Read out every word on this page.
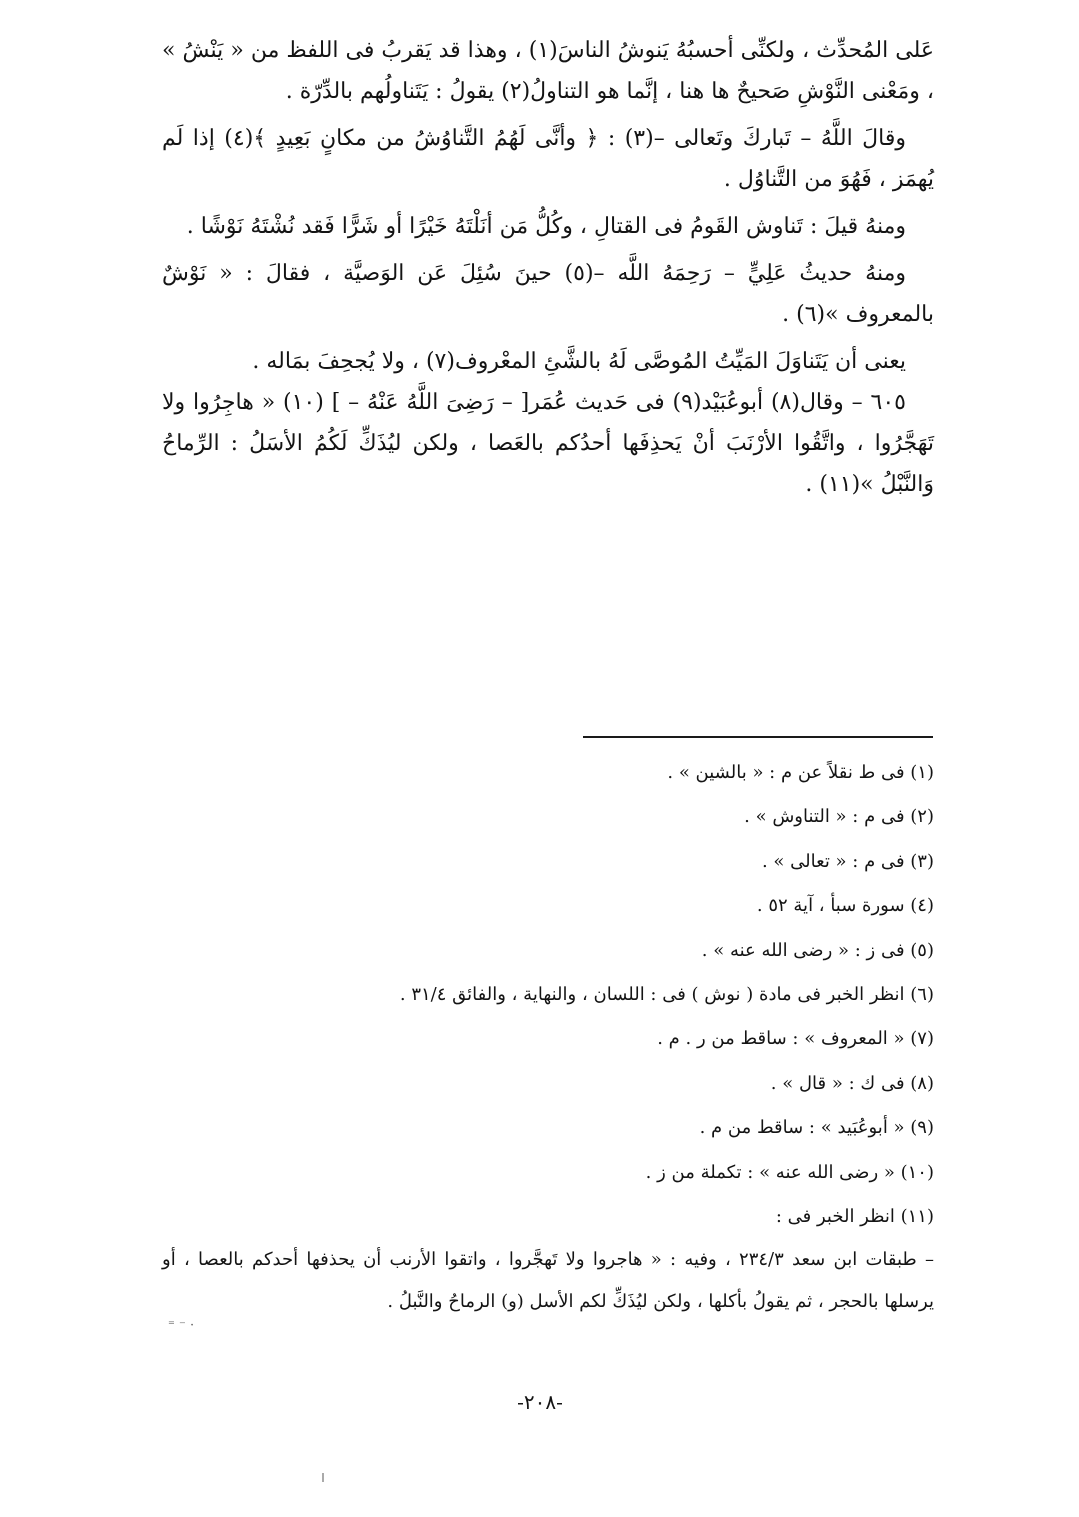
عَلى المُحدِّث ، ولكنِّى أحسبُهُ يَنوشُ الناسَ(١) ، وهذا قد يَقربُ فى اللفظ من « يَنْشُ » ، ومَعْنى النَّوْشِ صَحيحٌ ها هنا ، إنَّما هو التناولُ(٢) يقولُ : يَتَناولُهم بالدِّرّة .

وقالَ اللَّهُ – تَباركَ وتَعالى –(٣) : ﴿ وأنَّى لَهُمُ التَّناوُشُ من مكانٍ بَعِيدٍ ﴾(٤) إذا لَم يُهمَز ، فَهُوَ من التَّناوُل .

ومنهُ قيلَ : تَناوش القَومُ فى القتالِ ، وكُلُّ مَن أنَلْتَهُ خَيْرًا أو شَرًّا فَقد نُشْتَهُ نَوْشًا .

ومنهُ حديثُ عَلِيٍّ – رَحِمَهُ اللَّه –(٥) حينَ سُئِلَ عَن الوَصيَّة ، فقالَ : « نَوْشٌ بالمعروف »(٦) .

يعنى أن يَتَناوَلَ المَيِّتُ المُوصَّى لَهُ بالشَّئِ المعْروف(٧) ، ولا يُجحِفَ بمَاله .

٦٠٥ – وقال(٨) أبوعُبَيْد(٩) فى حَديث عُمَر[ – رَضِىَ اللَّهُ عَنْهُ – ] (١٠) « هاجِرُوا ولا تَهَجَّرُوا ، واتَّقُوا الأرْنَبَ أنْ يَحذِفَها أحدُكم بالعَصا ، ولكن ليُذَكِّ لَكُمُ الأسَلُ : الرِّماحُ وَالنَّبْلُ »(١١) .

(١) فى ط نقلاً عن م : « بالشين » .
(٢) فى م : « التناوش » .
(٣) فى م : « تعالى » .
(٤) سورة سبأ ، آية ٥٢ .
(٥) فى ز : « رضى الله عنه » .
(٦) انظر الخبر فى مادة ( نوش ) فى : اللسان ، والنهاية ، والفائق ٣١/٤ .
(٧) « المعروف » : ساقط من ر . م .
(٨) فى ك : « قال » .
(٩) « أبوعُبَيد » : ساقط من م .
(١٠) « رضى الله عنه » : تكملة من ز .
(١١) انظر الخبر فى :

– طبقات ابن سعد ٢٣٤/٣ ، وفيه : « هاجروا ولا تَهجَّروا ، واتقوا الأرنب أن يحذفها أحدكم بالعصا ، أو يرسلها بالحجر ، ثم يقولُ بأكلها ، ولكن ليُذَكِّ لكم الأسل (و) الرماحُ والنَّبلُ .

⁼ ⁻ ·
-٢٠٨-
